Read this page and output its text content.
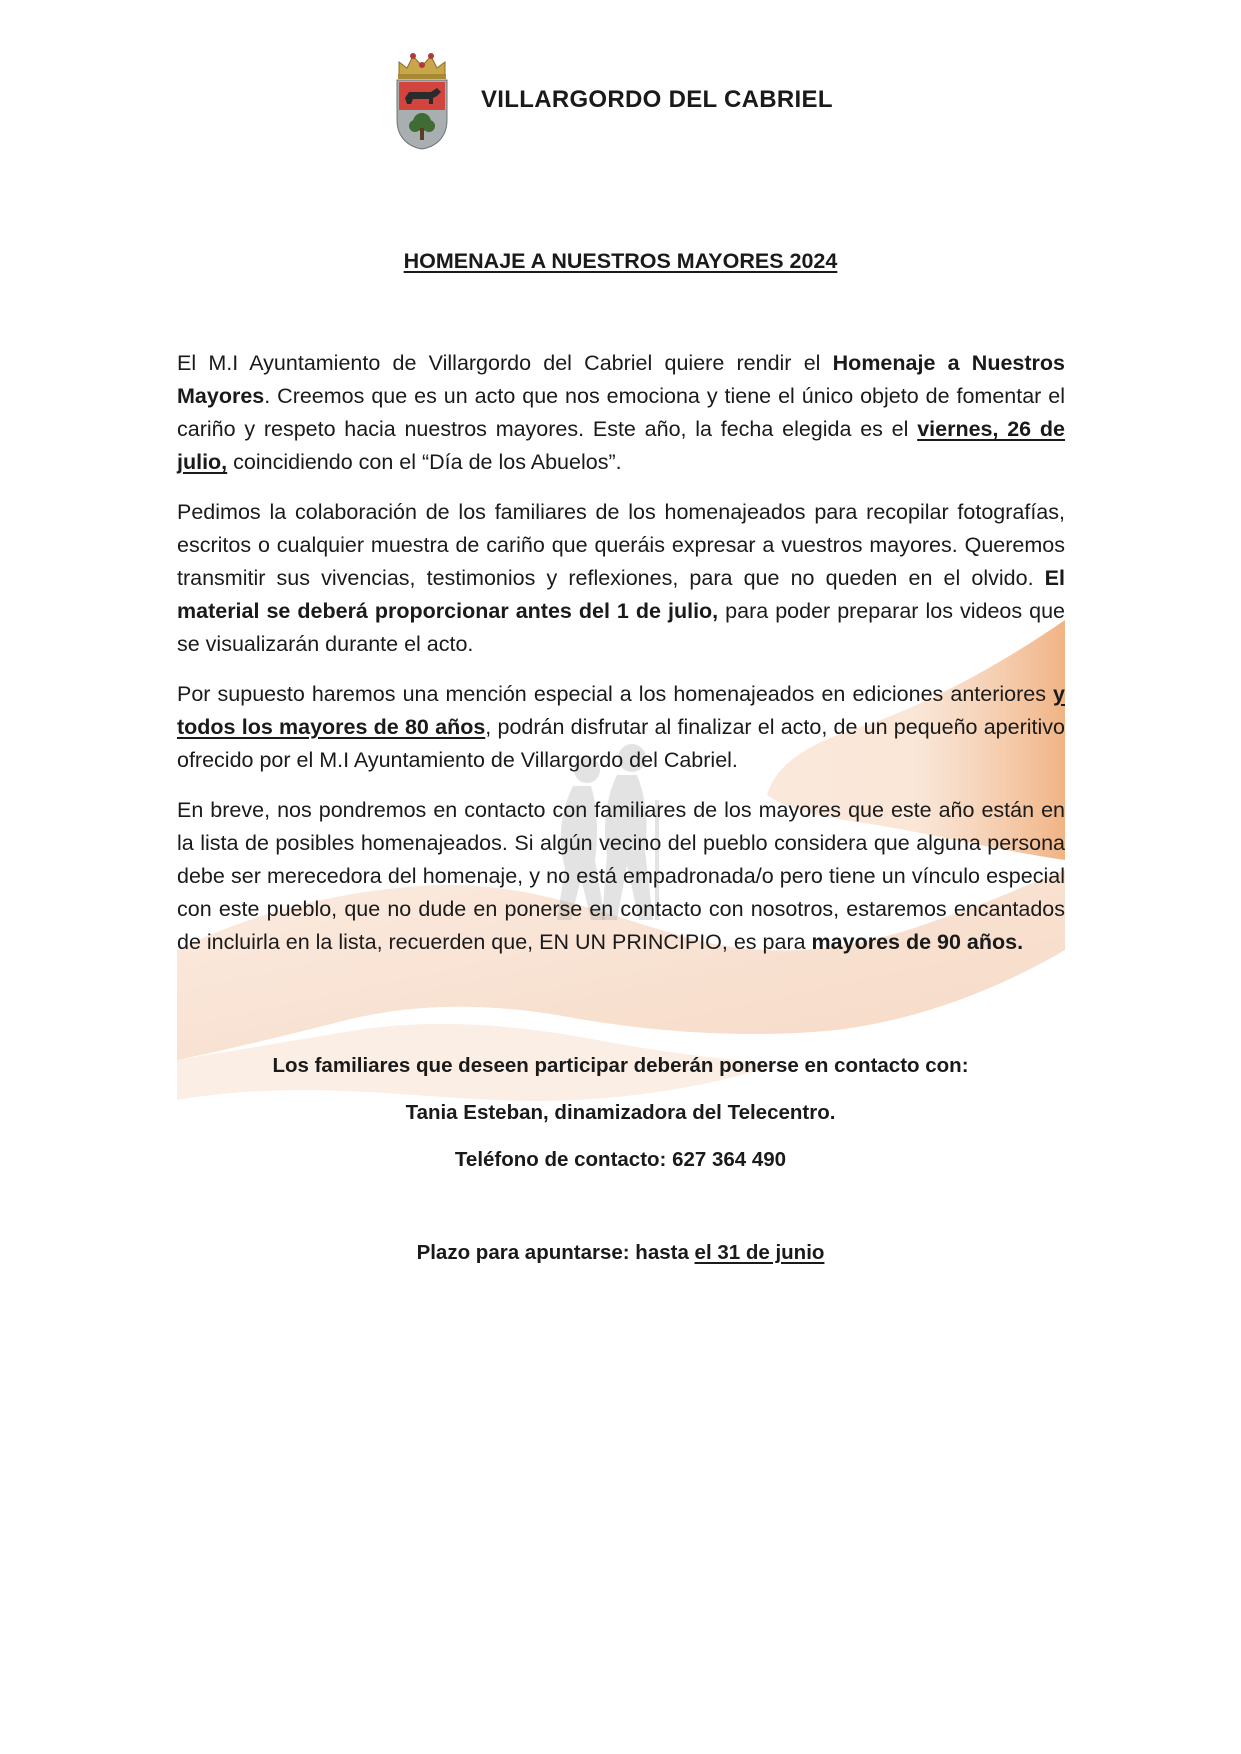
VILLARGORDO DEL CABRIEL
HOMENAJE A NUESTROS MAYORES 2024

El M.I Ayuntamiento de Villargordo del Cabriel quiere rendir el Homenaje a Nuestros Mayores. Creemos que es un acto que nos emociona y tiene el único objeto de fomentar el cariño y respeto hacia nuestros mayores. Este año, la fecha elegida es el viernes, 26 de julio, coincidiendo con el “Día de los Abuelos”.

Pedimos la colaboración de los familiares de los homenajeados para recopilar fotografías, escritos o cualquier muestra de cariño que queráis expresar a vuestros mayores. Queremos transmitir sus vivencias, testimonios y reflexiones, para que no queden en el olvido. El material se deberá proporcionar antes del 1 de julio, para poder preparar los videos que se visualizarán durante el acto.

Por supuesto haremos una mención especial a los homenajeados en ediciones anteriores y todos los mayores de 80 años, podrán disfrutar al finalizar el acto, de un pequeño aperitivo ofrecido por el M.I Ayuntamiento de Villargordo del Cabriel.

En breve, nos pondremos en contacto con familiares de los mayores que este año están en la lista de posibles homenajeados. Si algún vecino del pueblo considera que alguna persona debe ser merecedora del homenaje, y no está empadronada/o pero tiene un vínculo especial con este pueblo, que no dude en ponerse en contacto con nosotros, estaremos encantados de incluirla en la lista, recuerden que, EN UN PRINCIPIO, es para mayores de 90 años.

Los familiares que deseen participar deberán ponerse en contacto con:
Tania Esteban, dinamizadora del Telecentro.
Teléfono de contacto: 627 364 490
Plazo para apuntarse: hasta el 31 de junio
